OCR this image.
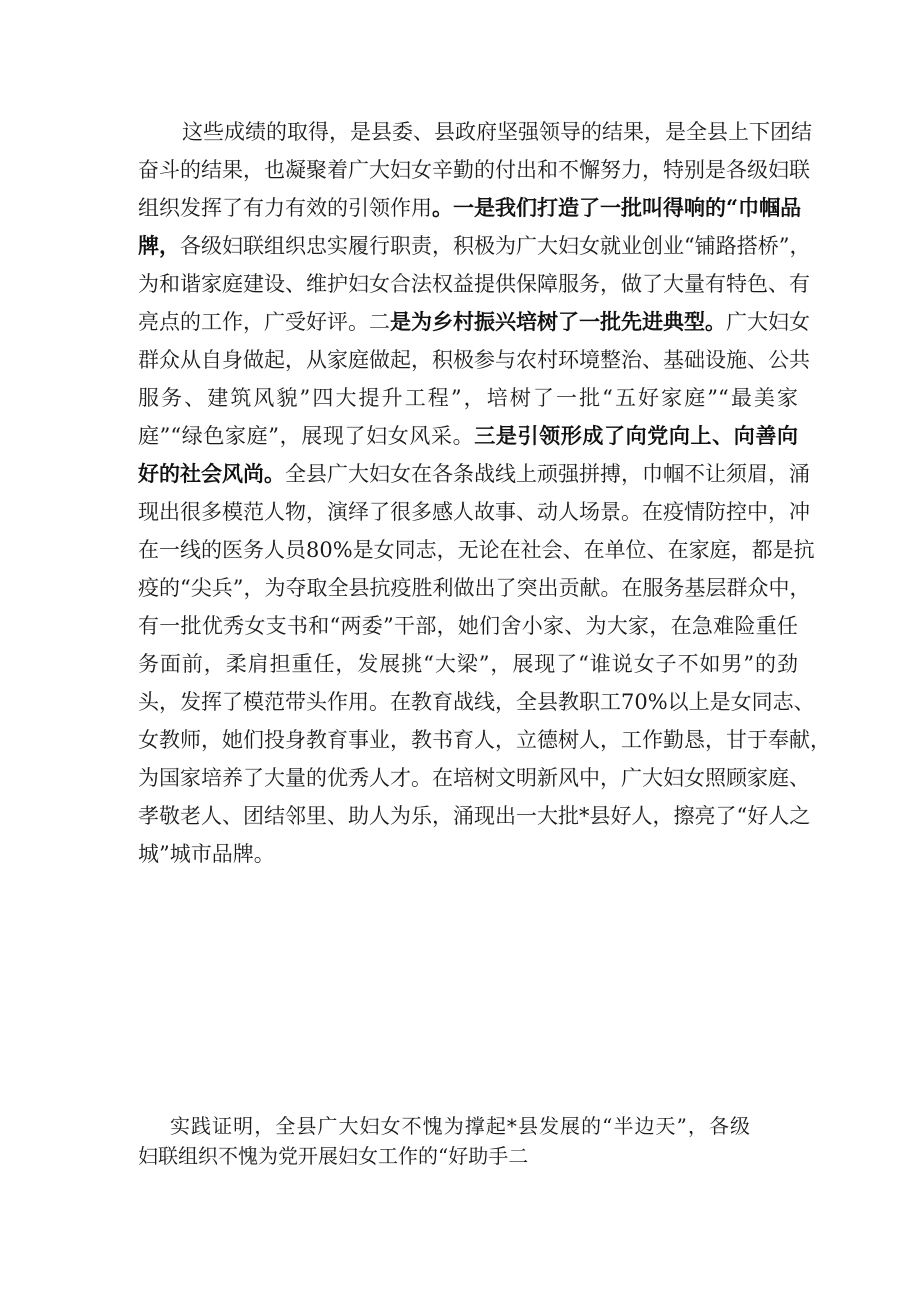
这些成绩的取得，是县委、县政府坚强领导的结果，是全县上下团结
奋斗的结果，也凝聚着广大妇女辛勤的付出和不懈努力，特别是各级妇联
组织发挥了有力有效的引领作用。一是我们打造了一批叫得响的“巾帼品
牌，各级妇联组织忠实履行职责，积极为广大妇女就业创业“铺路搭桥”，
为和谐家庭建设、维护妇女合法权益提供保障服务，做了大量有特色、有
亮点的工作，广受好评。二是为乡村振兴培树了一批先进典型。广大妇女
群众从自身做起，从家庭做起，积极参与农村环境整治、基础设施、公共
服务、建筑风貌”四大提升工程”，培树了一批“五好家庭”“最美家
庭”“绿色家庭”，展现了妇女风采。三是引领形成了向党向上、向善向
好的社会风尚。全县广大妇女在各条战线上顽强拼搏，巾帼不让须眉，涌
现出很多模范人物，演绎了很多感人故事、动人场景。在疫情防控中，冲
在一线的医务人员80%是女同志，无论在社会、在单位、在家庭，都是抗
疫的“尖兵”，为夺取全县抗疫胜利做出了突出贡献。在服务基层群众中，
有一批优秀女支书和“两委”干部，她们舍小家、为大家，在急难险重任
务面前，柔肩担重任，发展挑“大梁”，展现了“谁说女子不如男”的劲
头，发挥了模范带头作用。在教育战线，全县教职工70%以上是女同志、
女教师，她们投身教育事业，教书育人，立德树人，工作勤恳，甘于奉献，
为国家培养了大量的优秀人才。在培树文明新风中，广大妇女照顾家庭、
孝敬老人、团结邻里、助人为乐，涌现出一大批*县好人，擦亮了“好人之
城”城市品牌。
实践证明，全县广大妇女不愧为撑起*县发展的“半边天”，各级
妇联组织不愧为党开展妇女工作的“好助手二
